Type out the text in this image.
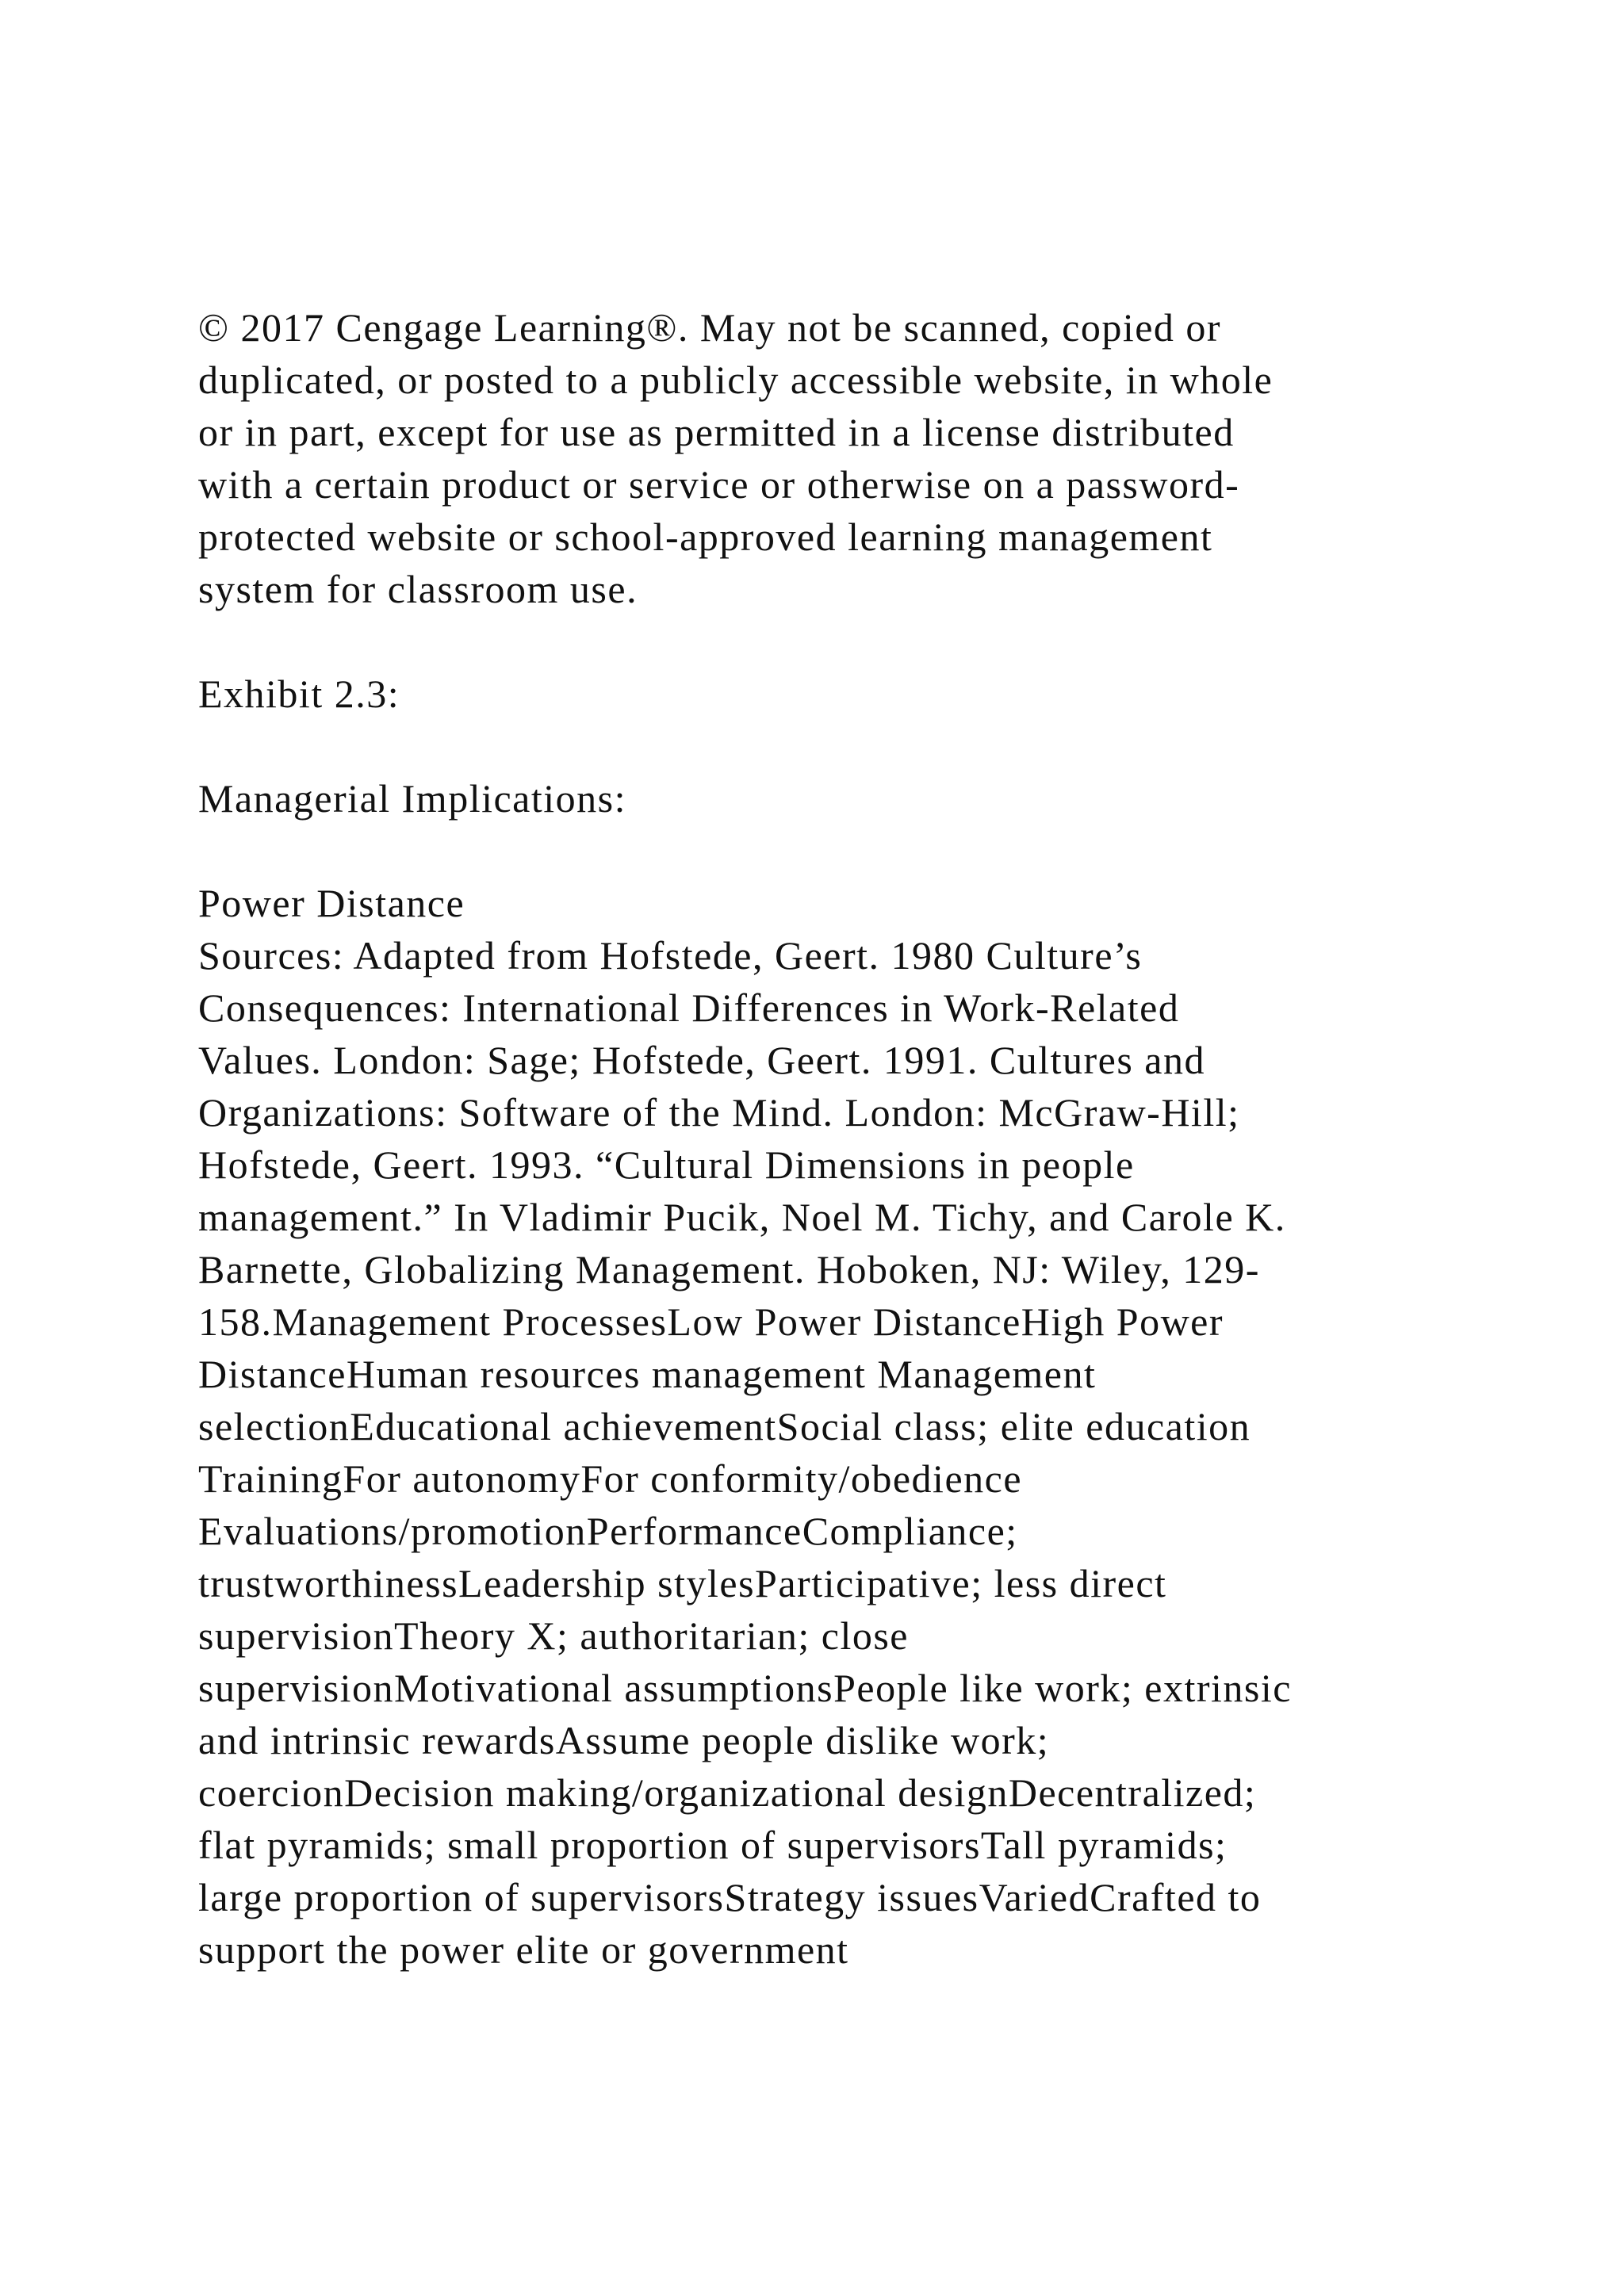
© 2017 Cengage Learning®. May not be scanned, copied or
duplicated, or posted to a publicly accessible website, in whole
or in part, except for use as permitted in a license distributed
with a certain product or service or otherwise on a password-
protected website or school-approved learning management
system for classroom use.

Exhibit 2.3:

Managerial Implications:

Power Distance
Sources: Adapted from Hofstede, Geert. 1980 Culture’s
Consequences: International Differences in Work-Related
Values. London: Sage; Hofstede, Geert. 1991. Cultures and
Organizations: Software of the Mind. London: McGraw-Hill;
Hofstede, Geert. 1993. “Cultural Dimensions in people
management.” In Vladimir Pucik, Noel M. Tichy, and Carole K.
Barnette, Globalizing Management. Hoboken, NJ: Wiley, 129-
158.Management ProcessesLow Power DistanceHigh Power
DistanceHuman resources management Management
selectionEducational achievementSocial class; elite education
TrainingFor autonomyFor conformity/obedience
Evaluations/promotionPerformanceCompliance;
trustworthinessLeadership stylesParticipative; less direct
supervisionTheory X; authoritarian; close
supervisionMotivational assumptionsPeople like work; extrinsic
and intrinsic rewardsAssume people dislike work;
coercionDecision making/organizational designDecentralized;
flat pyramids; small proportion of supervisorsTall pyramids;
large proportion of supervisorsStrategy issuesVariedCrafted to
support the power elite or government
